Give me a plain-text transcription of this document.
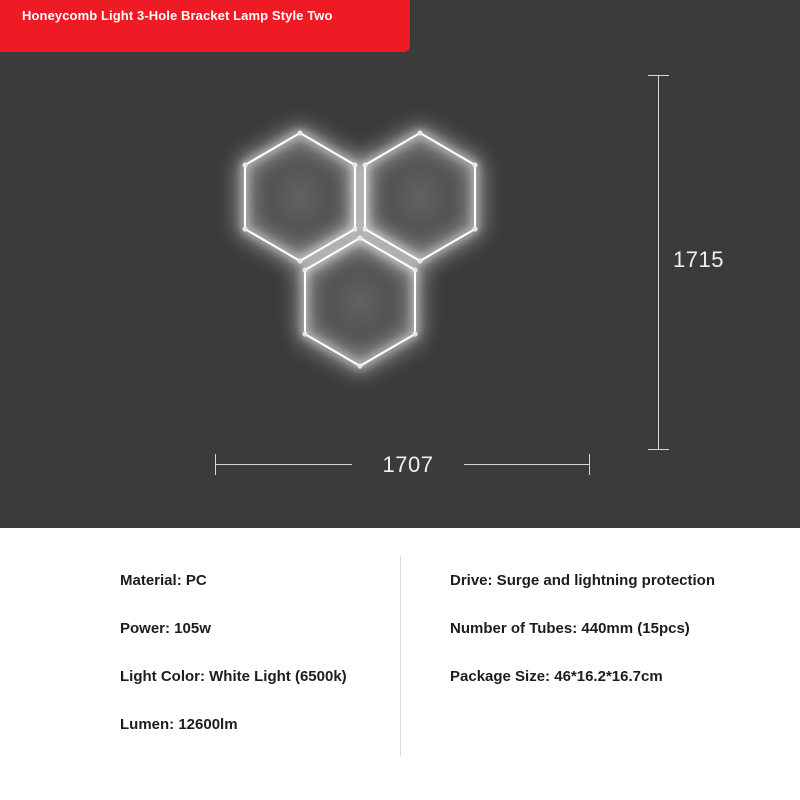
Honeycomb Light 3-Hole Bracket Lamp Style Two
1715
1707
Material: PC
Power: 105w
Light Color: White Light (6500k)
Lumen: 12600lm
Drive: Surge and lightning protection
Number of Tubes: 440mm (15pcs)
Package Size: 46*16.2*16.7cm
